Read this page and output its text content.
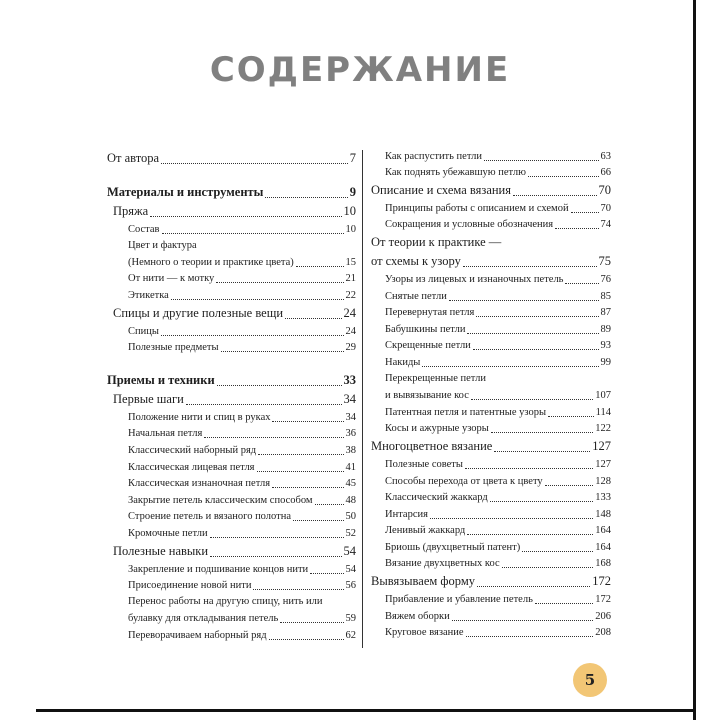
СОДЕРЖАНИЕ
От автора	7
Материалы и инструменты	9
Пряжа	10
Состав	10
Цвет и фактура
(Немного о теории и практике цвета)	15
От нити — к мотку	21
Этикетка	22
Спицы и другие полезные вещи	24
Спицы	24
Полезные предметы	29
Приемы и техники	33
Первые шаги	34
Положение нити и спиц в руках	34
Начальная петля	36
Классический наборный ряд	38
Классическая лицевая петля	41
Классическая изнаночная петля	45
Закрытие петель классическим способом	48
Строение петель и вязаного полотна	50
Кромочные петли	52
Полезные навыки	54
Закрепление и подшивание концов нити	54
Присоединение новой нити	56
Перенос работы на другую спицу, нить или
булавку для откладывания петель	59
Переворачиваем наборный ряд	62
Как распустить петли	63
Как поднять убежавшую петлю	66
Описание и схема вязания	70
Принципы работы с описанием и схемой	70
Сокращения и условные обозначения	74
От теории к практике —
от схемы к узору	75
Узоры из лицевых и изнаночных петель	76
Снятые петли	85
Перевернутая петля	87
Бабушкины петли	89
Скрещенные петли	93
Накиды	99
Перекрещенные петли
и вывязывание кос	107
Патентная петля и патентные узоры	114
Косы и ажурные узоры	122
Многоцветное вязание	127
Полезные советы	127
Способы перехода от цвета к цвету	128
Классический жаккард	133
Интарсия	148
Ленивый жаккард	164
Бриошь (двухцветный патент)	164
Вязание двухцветных кос	168
Вывязываем форму	172
Прибавление и убавление петель	172
Вяжем оборки	206
Круговое вязание	208
5
